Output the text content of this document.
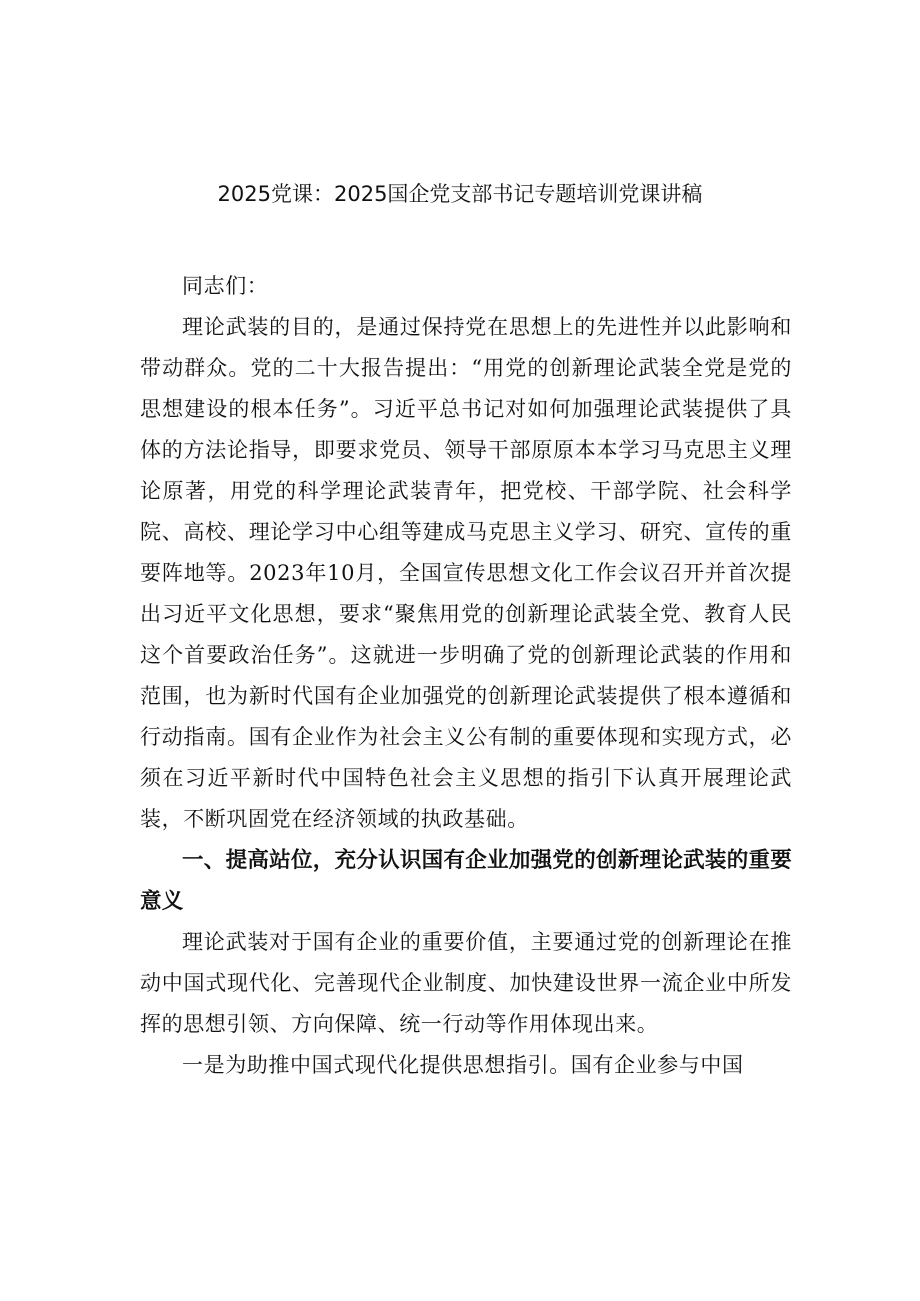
2025党课：2025国企党支部书记专题培训党课讲稿

同志们：

理论武装的目的，是通过保持党在思想上的先进性并以此影响和带动群众。党的二十大报告提出：“用党的创新理论武装全党是党的思想建设的根本任务”。习近平总书记对如何加强理论武装提供了具体的方法论指导，即要求党员、领导干部原原本本学习马克思主义理论原著，用党的科学理论武装青年，把党校、干部学院、社会科学院、高校、理论学习中心组等建成马克思主义学习、研究、宣传的重要阵地等。2023年10月，全国宣传思想文化工作会议召开并首次提出习近平文化思想，要求“聚焦用党的创新理论武装全党、教育人民这个首要政治任务”。这就进一步明确了党的创新理论武装的作用和范围，也为新时代国有企业加强党的创新理论武装提供了根本遵循和行动指南。国有企业作为社会主义公有制的重要体现和实现方式，必须在习近平新时代中国特色社会主义思想的指引下认真开展理论武装，不断巩固党在经济领域的执政基础。

一、提高站位，充分认识国有企业加强党的创新理论武装的重要意义

理论武装对于国有企业的重要价值，主要通过党的创新理论在推动中国式现代化、完善现代企业制度、加快建设世界一流企业中所发挥的思想引领、方向保障、统一行动等作用体现出来。

一是为助推中国式现代化提供思想指引。国有企业参与中国
